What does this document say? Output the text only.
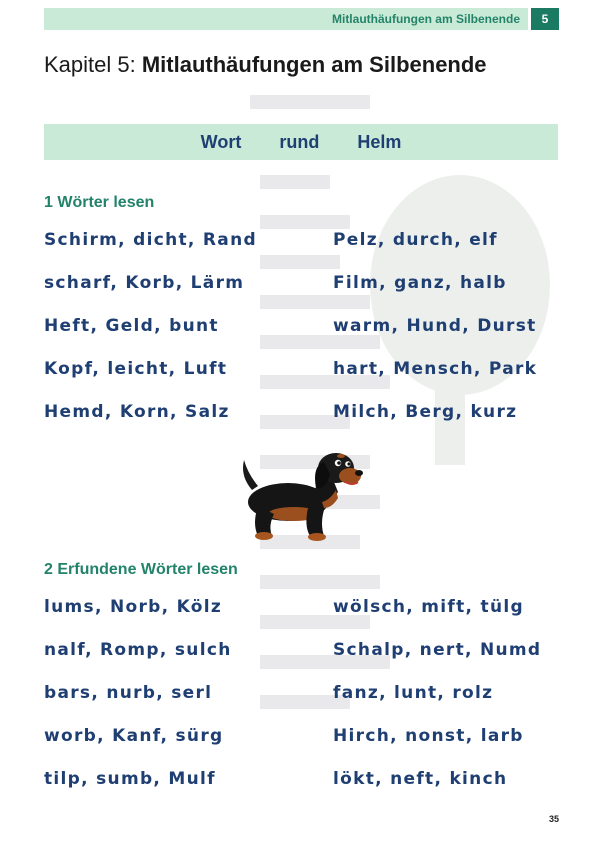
Mitlauthäufungen am Silbenende	5
Kapitel 5: Mitlauthäufungen am Silbenende
Wort rund Helm
1 Wörter lesen
Schirm, dicht, Rand	Pelz, durch, elf
scharf, Korb, Lärm	Film, ganz, halb
Heft, Geld, bunt	warm, Hund, Durst
Kopf, leicht, Luft	hart, Mensch, Park
Hemd, Korn, Salz	Milch, Berg, kurz
2 Erfundene Wörter lesen
lums, Norb, Kölz	wölsch, mift, tülg
nalf, Romp, sulch	Schalp, nert, Numd
bars, nurb, serl	fanz, lunt, rolz
worb, Kanf, sürg	Hirch, nonst, larb
tilp, sumb, Mulf	lökt, neft, kinch
35
